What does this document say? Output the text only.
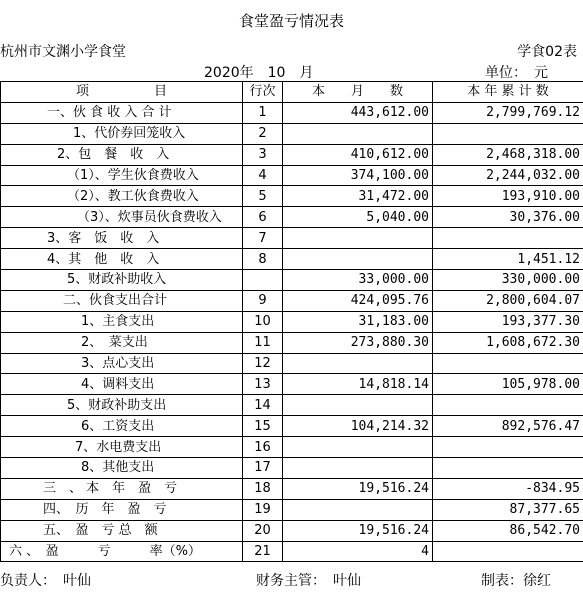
食堂盈亏情况表
杭州市文渊小学食堂	学食02表
2020年　10　月	单位：　元
项　　　　　目	行次	本　　月　　数	本 年 累 计 数
一、伙 食 收 入 合 计	1	443,612.00	2,799,769.12
1、代价券回笼收入	2		
2、包　餐　收　入	3	410,612.00	2,468,318.00
（1）、学生伙食费收入	4	374,100.00	2,244,032.00
（2）、教工伙食费收入	5	31,472.00	193,910.00
（3）、炊事员伙食费收入	6	5,040.00	30,376.00
3、客　饭　收　入	7		
4、其　他　收　入	8		1,451.12
5、财政补助收入		33,000.00	330,000.00
二、伙食支出合计	9	424,095.76	2,800,604.07
1、主食支出	10	31,183.00	193,377.30
2、　菜支出	11	273,880.30	1,608,672.30
3、点心支出	12		
4、调料支出	13	14,818.14	105,978.00
5、财政补助支出	14		
6、工资支出	15	104,214.32	892,576.47
7、水电费支出	16		
8、其他支出	17		
三　、 本　年　盈　亏	18	19,516.24	-834.95
四、　历　年　盈　亏	19		87,377.65
五、　盈　亏 总　额	20	19,516.24	86,542.70
六 、　盈　　　亏　　　率（%）	21	4	
负责人：　叶仙	财务主管：　叶仙	制表：徐红
